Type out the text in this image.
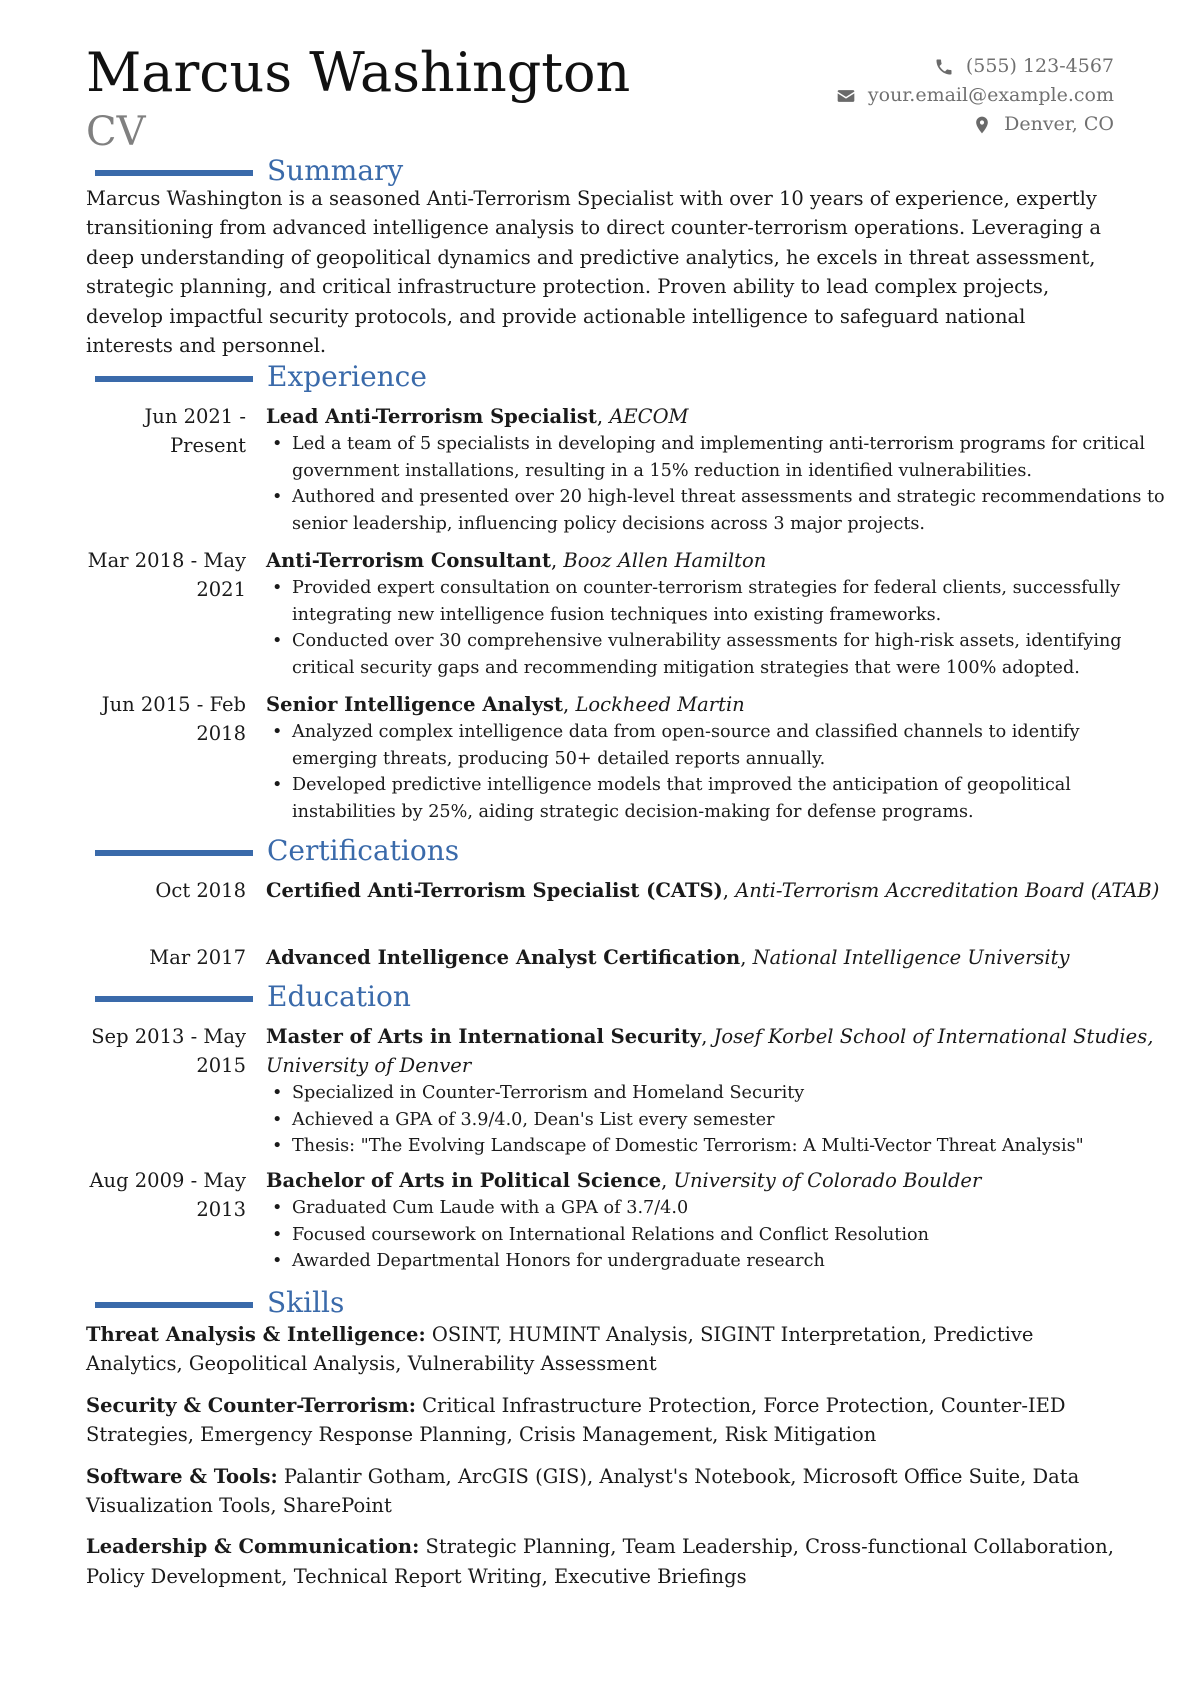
Marcus Washington
CV
(555) 123-4567
your.email@example.com
Denver, CO
Summary

Marcus Washington is a seasoned Anti-Terrorism Specialist with over 10 years of experience, expertly transitioning from advanced intelligence analysis to direct counter-terrorism operations. Leveraging a deep understanding of geopolitical dynamics and predictive analytics, he excels in threat assessment, strategic planning, and critical infrastructure protection. Proven ability to lead complex projects, develop impactful security protocols, and provide actionable intelligence to safeguard national interests and personnel.

Experience
Jun 2021 - Present
Lead Anti-Terrorism Specialist, AECOM
• Led a team of 5 specialists in developing and implementing anti-terrorism programs for critical government installations, resulting in a 15% reduction in identified vulnerabilities.
• Authored and presented over 20 high-level threat assessments and strategic recommendations to senior leadership, influencing policy decisions across 3 major projects.
Mar 2018 - May 2021
Anti-Terrorism Consultant, Booz Allen Hamilton
• Provided expert consultation on counter-terrorism strategies for federal clients, successfully integrating new intelligence fusion techniques into existing frameworks.
• Conducted over 30 comprehensive vulnerability assessments for high-risk assets, identifying critical security gaps and recommending mitigation strategies that were 100% adopted.
Jun 2015 - Feb 2018
Senior Intelligence Analyst, Lockheed Martin
• Analyzed complex intelligence data from open-source and classified channels to identify emerging threats, producing 50+ detailed reports annually.
• Developed predictive intelligence models that improved the anticipation of geopolitical instabilities by 25%, aiding strategic decision-making for defense programs.
Certifications
Oct 2018 Certified Anti-Terrorism Specialist (CATS), Anti-Terrorism Accreditation Board (ATAB)
Mar 2017 Advanced Intelligence Analyst Certification, National Intelligence University
Education
Sep 2013 - May 2015
Master of Arts in International Security, Josef Korbel School of International Studies, University of Denver
• Specialized in Counter-Terrorism and Homeland Security
• Achieved a GPA of 3.9/4.0, Dean's List every semester
• Thesis: "The Evolving Landscape of Domestic Terrorism: A Multi-Vector Threat Analysis"
Aug 2009 - May 2013
Bachelor of Arts in Political Science, University of Colorado Boulder
• Graduated Cum Laude with a GPA of 3.7/4.0
• Focused coursework on International Relations and Conflict Resolution
• Awarded Departmental Honors for undergraduate research
Skills

Threat Analysis & Intelligence: OSINT, HUMINT Analysis, SIGINT Interpretation, Predictive Analytics, Geopolitical Analysis, Vulnerability Assessment

Security & Counter-Terrorism: Critical Infrastructure Protection, Force Protection, Counter-IED Strategies, Emergency Response Planning, Crisis Management, Risk Mitigation

Software & Tools: Palantir Gotham, ArcGIS (GIS), Analyst's Notebook, Microsoft Office Suite, Data Visualization Tools, SharePoint

Leadership & Communication: Strategic Planning, Team Leadership, Cross-functional Collaboration, Policy Development, Technical Report Writing, Executive Briefings
